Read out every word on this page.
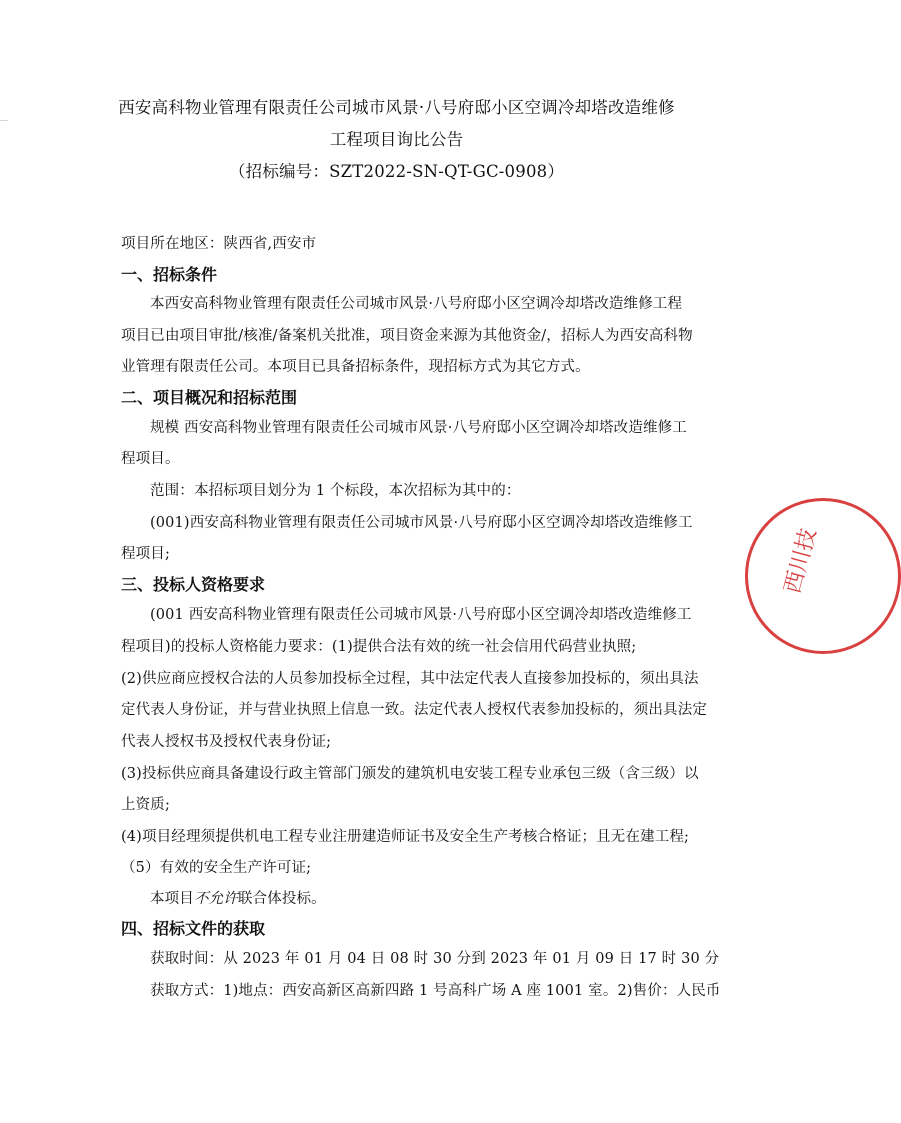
西安高科物业管理有限责任公司城市风景·八号府邸小区空调冷却塔改造维修
工程项目询比公告
（招标编号：SZT2022-SN-QT-GC-0908）
项目所在地区：陕西省,西安市
一、招标条件
本西安高科物业管理有限责任公司城市风景·八号府邸小区空调冷却塔改造维修工程
项目已由项目审批/核准/备案机关批准，项目资金来源为其他资金/，招标人为西安高科物
业管理有限责任公司。本项目已具备招标条件，现招标方式为其它方式。
二、项目概况和招标范围
规模 西安高科物业管理有限责任公司城市风景·八号府邸小区空调冷却塔改造维修工
程项目。
范围：本招标项目划分为 1 个标段，本次招标为其中的：
(001)西安高科物业管理有限责任公司城市风景·八号府邸小区空调冷却塔改造维修工
程项目;
三、投标人资格要求
(001 西安高科物业管理有限责任公司城市风景·八号府邸小区空调冷却塔改造维修工
程项目)的投标人资格能力要求：(1)提供合法有效的统一社会信用代码营业执照;
(2)供应商应授权合法的人员参加投标全过程，其中法定代表人直接参加投标的，须出具法
定代表人身份证，并与营业执照上信息一致。法定代表人授权代表参加投标的，须出具法定
代表人授权书及授权代表身份证;
(3)投标供应商具备建设行政主管部门颁发的建筑机电安装工程专业承包三级（含三级）以
上资质;
(4)项目经理须提供机电工程专业注册建造师证书及安全生产考核合格证；且无在建工程;
（5）有效的安全生产许可证;
本项目不允许联合体投标。
四、招标文件的获取
获取时间：从 2023 年 01 月 04 日 08 时 30 分到 2023 年 01 月 09 日 17 时 30 分
获取方式：1)地点：西安高新区高新四路 1 号高科广场 A 座 1001 室。2)售价：人民币
西川技
